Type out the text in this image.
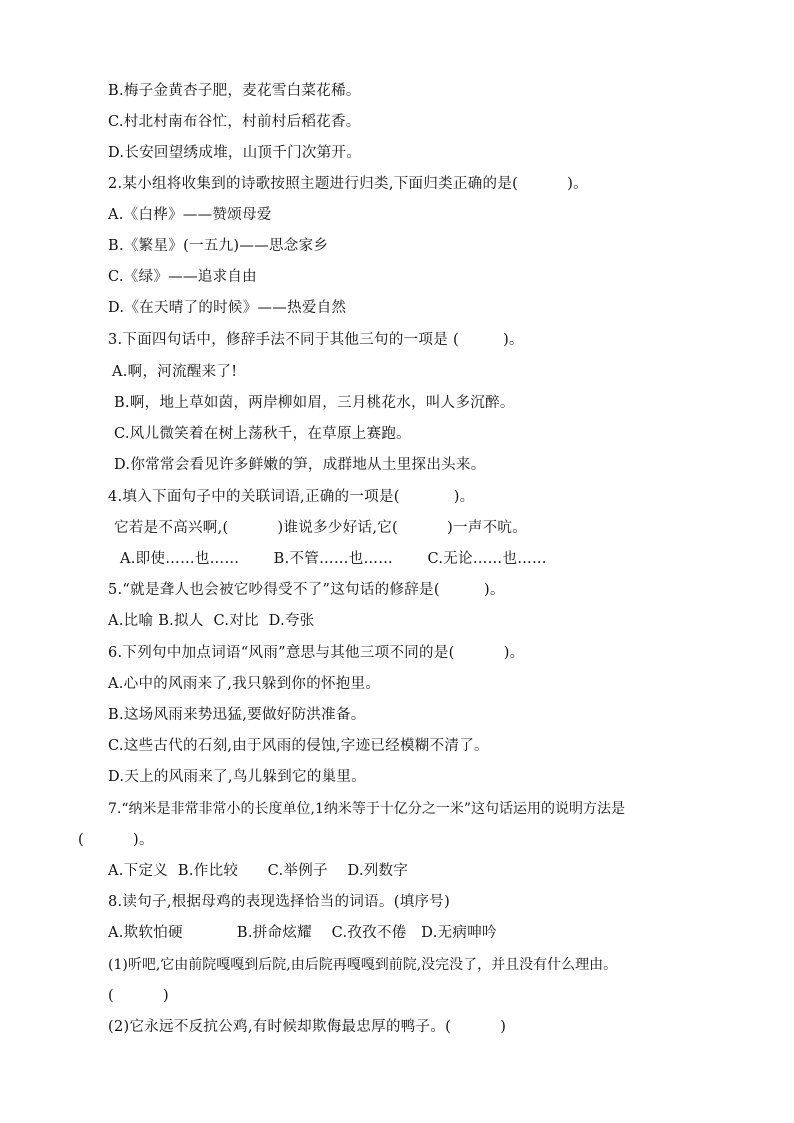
B.梅子金黄杏子肥，麦花雪白菜花稀。
C.村北村南布谷忙，村前村后稻花香。
D.长安回望绣成堆，山顶千门次第开。
2.某小组将收集到的诗歌按照主题进行归类,下面归类正确的是(          )。
A.《白桦》——赞颂母爱
B.《繁星》(一五九)——思念家乡
C.《绿》——追求自由
D.《在天晴了的时候》——热爱自然
3.下面四句话中，修辞手法不同于其他三句的一项是 (         )。
A.啊，河流醒来了!
B.啊，地上草如茵，两岸柳如眉，三月桃花水，叫人多沉醉。
C.风儿微笑着在树上荡秋千，在草原上赛跑。
D.你常常会看见许多鲜嫩的笋，成群地从土里探出头来。
4.填入下面句子中的关联词语,正确的一项是(           )。
它若是不高兴啊,(          )谁说多少好话,它(          )一声不吭。
A.即使……也……       B.不管……也……       C.无论……也……
5.“就是聋人也会被它吵得受不了”这句话的修辞是(         )。
A.比喻 B.拟人  C.对比  D.夸张
6.下列句中加点词语“风雨”意思与其他三项不同的是(          )。
A.心中的风雨来了,我只躲到你的怀抱里。
B.这场风雨来势迅猛,要做好防洪准备。
C.这些古代的石刻,由于风雨的侵蚀,字迹已经模糊不清了。
D.天上的风雨来了,鸟儿躲到它的巢里。
7.“纳米是非常非常小的长度单位,1纳米等于十亿分之一米”这句话运用的说明方法是
(          )。
A.下定义  B.作比较      C.举例子    D.列数字
8.读句子,根据母鸡的表现选择恰当的词语。(填序号)
A.欺软怕硬           B.拼命炫耀    C.孜孜不倦   D.无病呻吟
(1)听吧,它由前院嘎嘎到后院,由后院再嘎嘎到前院,没完没了，并且没有什么理由。
(          )
(2)它永远不反抗公鸡,有时候却欺侮最忠厚的鸭子。(          )
